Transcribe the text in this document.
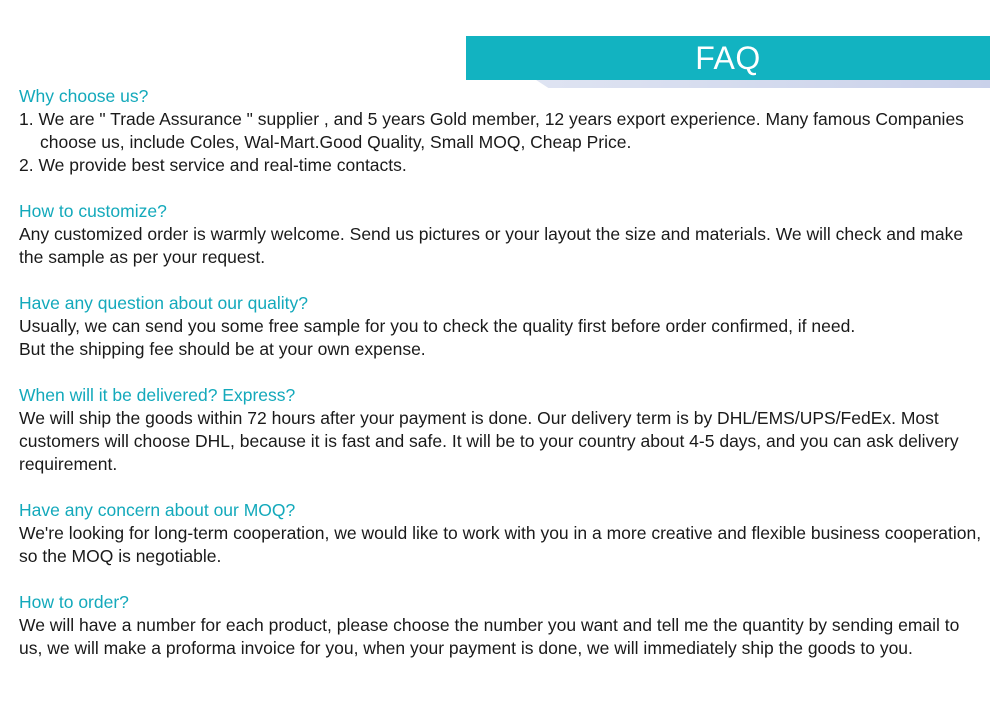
FAQ
Why choose us?

1. We are " Trade Assurance " supplier , and 5 years Gold member, 12 years export experience. Many famous Companies choose us, include Coles, Wal-Mart.Good Quality, Small MOQ, Cheap Price.

2. We provide best service and real-time contacts.

How to customize?

Any customized order is warmly welcome. Send us pictures or your layout the size and materials. We will check and make the sample as per your request.

Have any question about our quality?

Usually, we can send you some free sample for you to check the quality first before order confirmed, if need.

But the shipping fee should be at your own expense.

When will it be delivered? Express?

We will ship the goods within 72 hours after your payment is done. Our delivery term is by DHL/EMS/UPS/FedEx. Most customers will choose DHL, because it is fast and safe. It will be to your country about 4-5 days, and you can ask delivery requirement.

Have any concern about our MOQ?

We're looking for long-term cooperation, we would like to work with you in a more creative and flexible business cooperation, so the MOQ is negotiable.

How to order?

We will have a number for each product, please choose the number you want and tell me the quantity by sending email to us, we will make a proforma invoice for you, when your payment is done, we will immediately ship the goods to you.
